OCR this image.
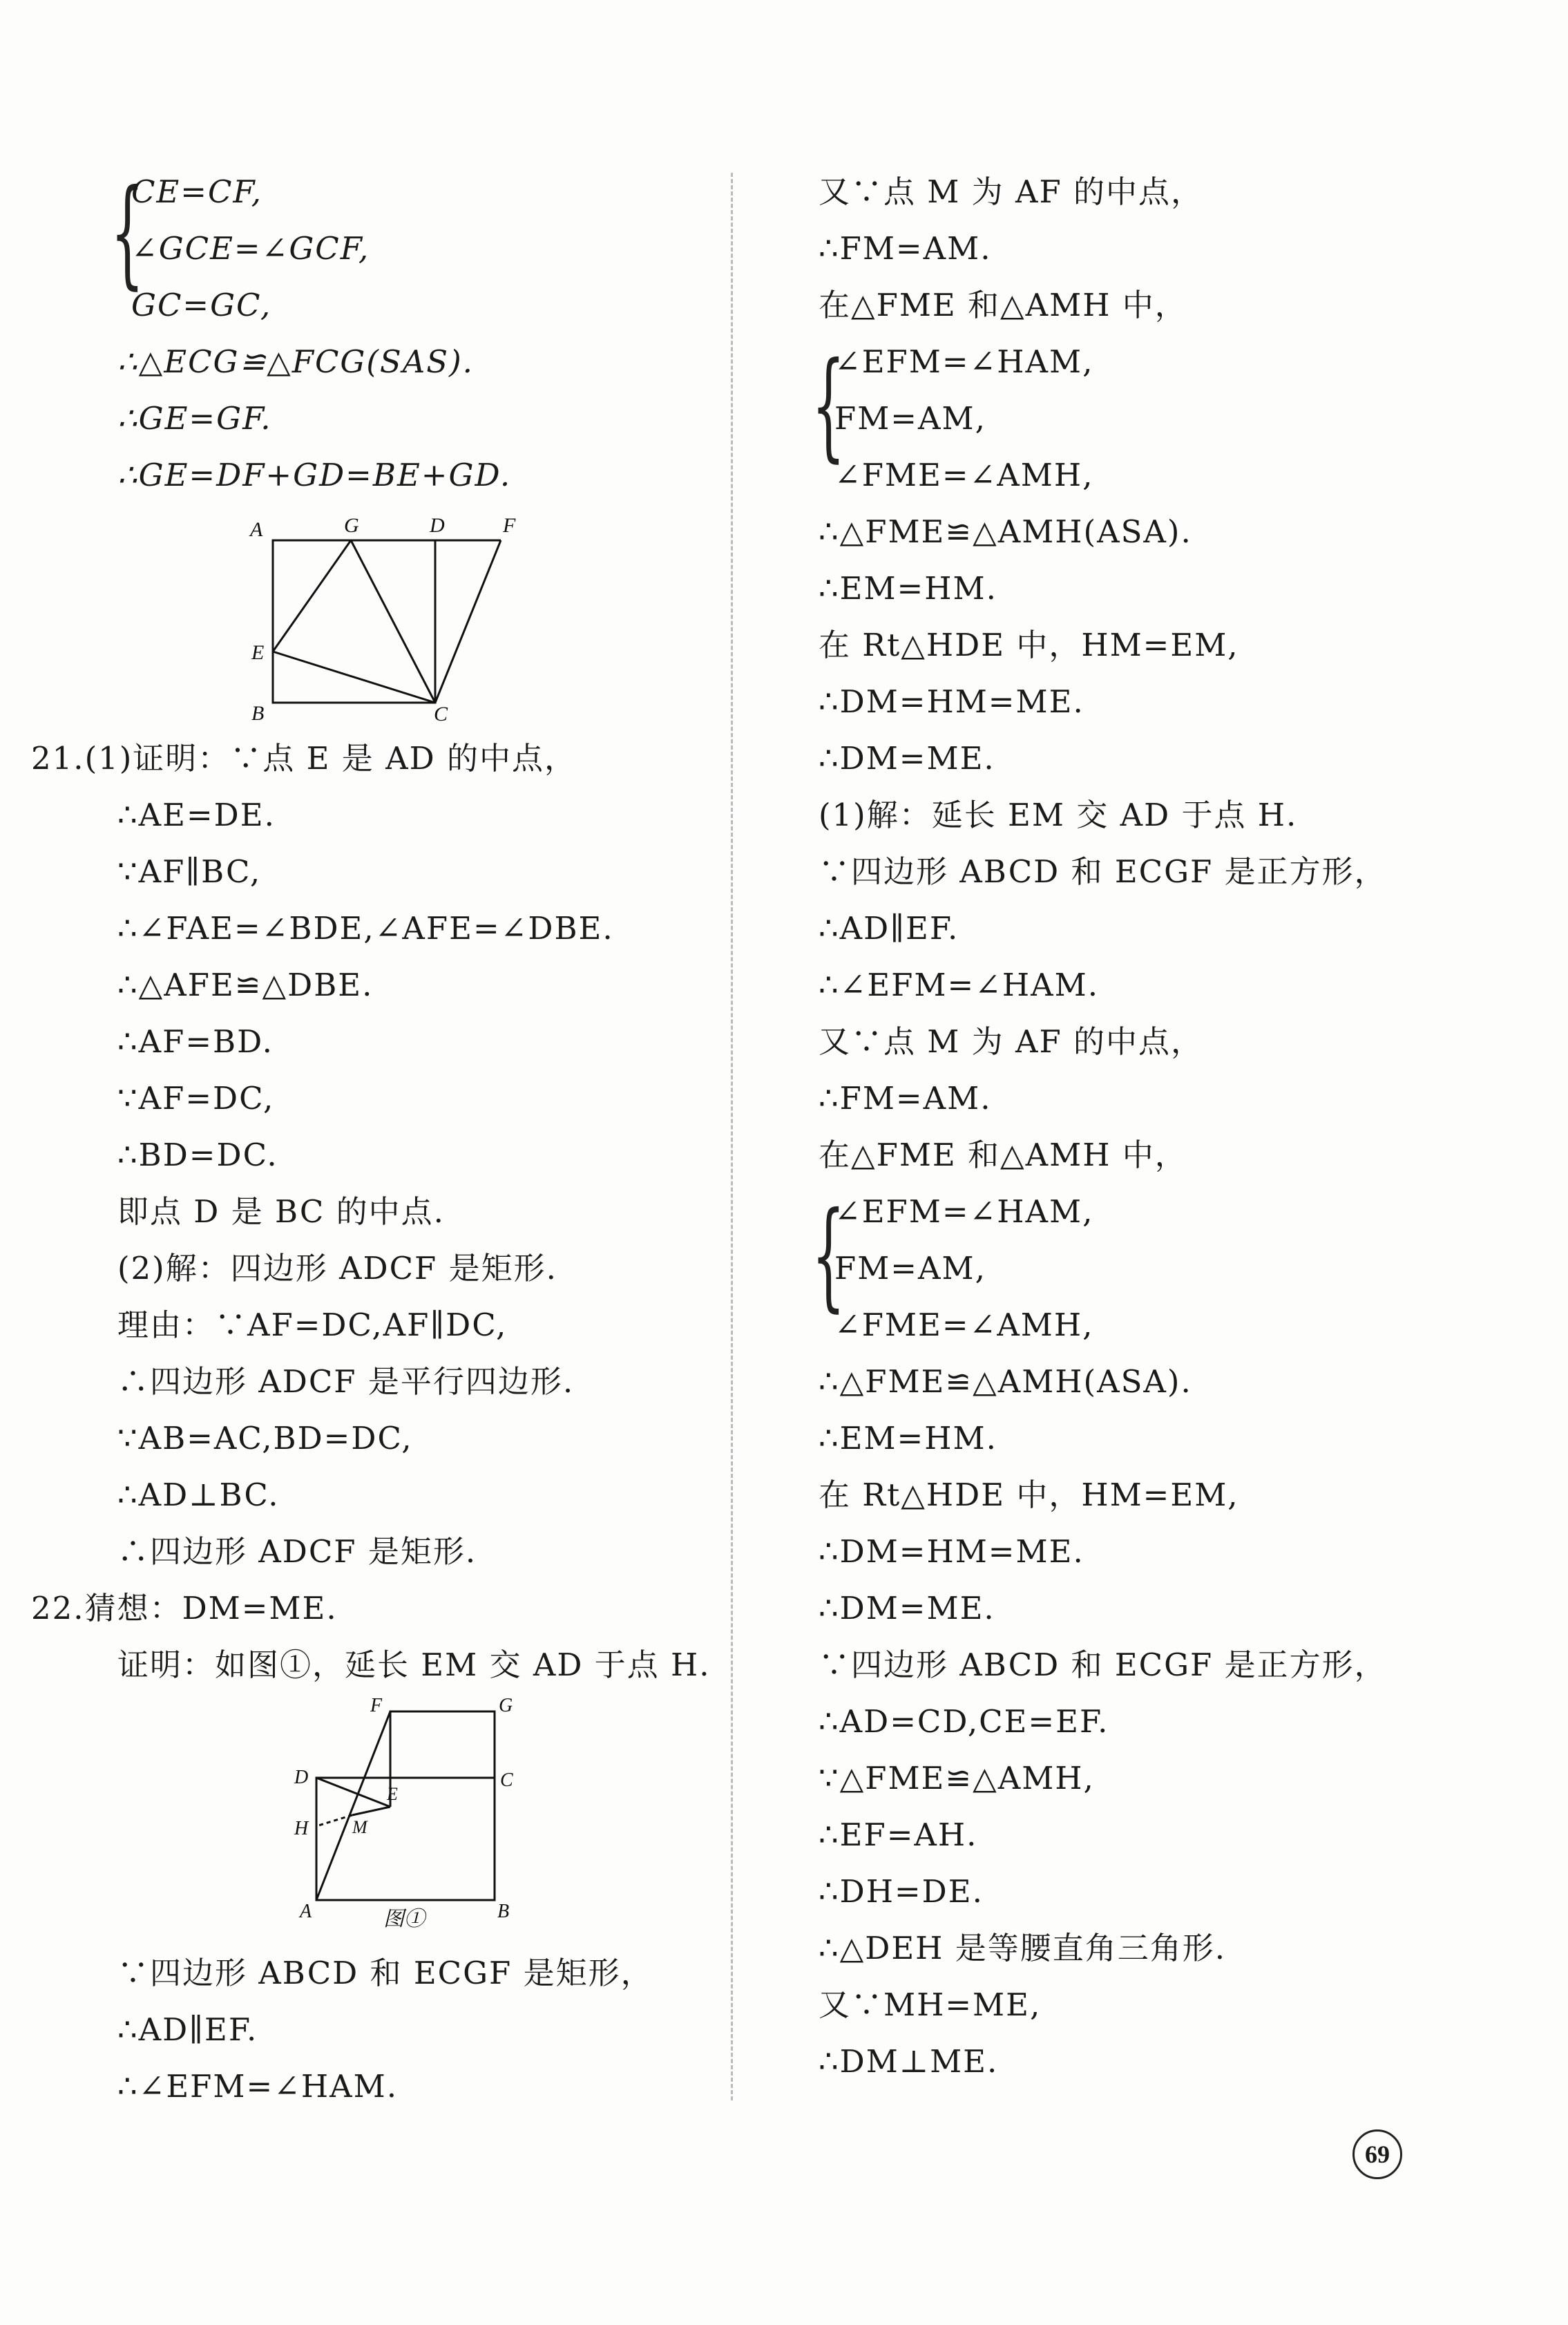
{
CE=CF,
∠GCE=∠GCF,
GC=GC,
∴△ECG≌△FCG(SAS).
∴GE=GF.
∴GE=DF+GD=BE+GD.
A	G	D	F
E
B	C
21.(1)证明：∵点 E 是 AD 的中点，
∴AE=DE.
∵AF∥BC,
∴∠FAE=∠BDE,∠AFE=∠DBE.
∴△AFE≌△DBE.
∴AF=BD.
∵AF=DC,
∴BD=DC.
即点 D 是 BC 的中点.
(2)解：四边形 ADCF 是矩形.
理由：∵AF=DC,AF∥DC,
∴四边形 ADCF 是平行四边形.
∵AB=AC,BD=DC,
∴AD⊥BC.
∴四边形 ADCF 是矩形.
22.猜想：DM=ME.
证明：如图①，延长 EM 交 AD 于点 H.
F	G
D	C
E
M
H
A	B
图①
∵四边形 ABCD 和 ECGF 是矩形，
∴AD∥EF.
∴∠EFM=∠HAM.
又∵点 M 为 AF 的中点，
∴FM=AM.
在△FME 和△AMH 中，
{
∠EFM=∠HAM,
FM=AM,
∠FME=∠AMH,
∴△FME≌△AMH(ASA).
∴EM=HM.
在 Rt△HDE 中，HM=EM,
∴DM=HM=ME.
∴DM=ME.
(1)解：延长 EM 交 AD 于点 H.
∵四边形 ABCD 和 ECGF 是正方形，
∴AD∥EF.
∴∠EFM=∠HAM.
又∵点 M 为 AF 的中点，
∴FM=AM.
在△FME 和△AMH 中，
{
∠EFM=∠HAM,
FM=AM,
∠FME=∠AMH,
∴△FME≌△AMH(ASA).
∴EM=HM.
在 Rt△HDE 中，HM=EM,
∴DM=HM=ME.
∴DM=ME.
∵四边形 ABCD 和 ECGF 是正方形，
∴AD=CD,CE=EF.
∵△FME≌△AMH,
∴EF=AH.
∴DH=DE.
∴△DEH 是等腰直角三角形.
又∵MH=ME,
∴DM⊥ME.
69
